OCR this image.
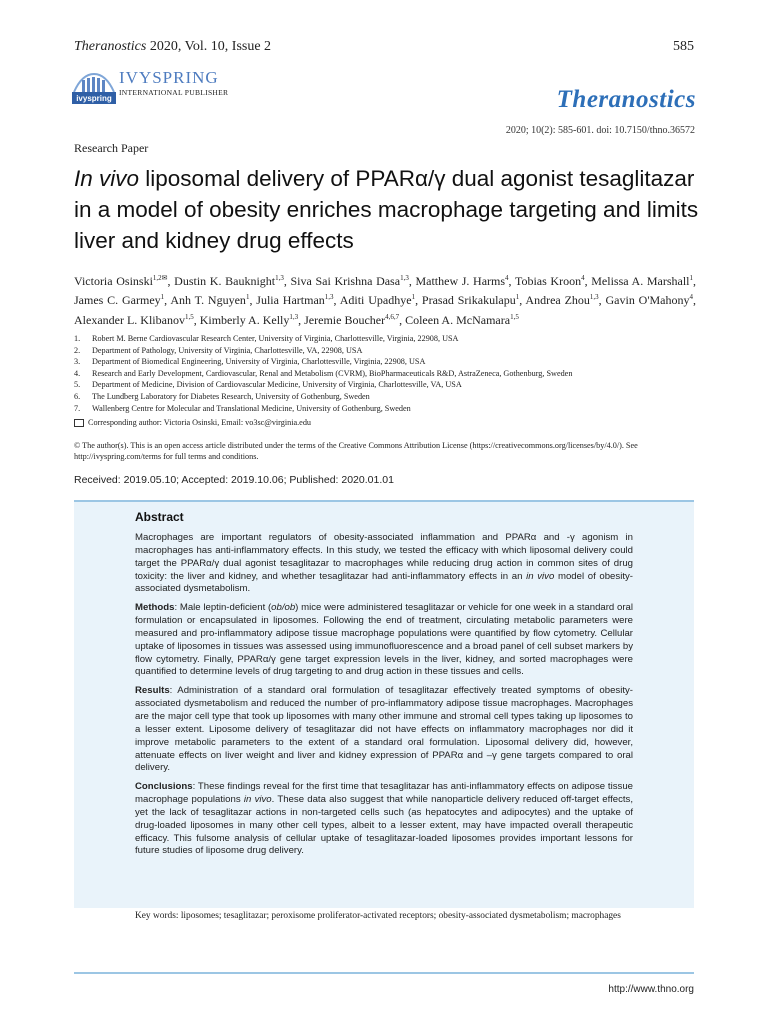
Theranostics 2020, Vol. 10, Issue 2	585
ivyspring
IVYSPRING
INTERNATIONAL PUBLISHER	Theranostics
2020; 10(2): 585-601. doi: 10.7150/thno.36572
Research Paper
In vivo liposomal delivery of PPARα/γ dual agonist tesaglitazar in a model of obesity enriches macrophage targeting and limits liver and kidney drug effects
Victoria Osinski$^{1,2✉}$, Dustin K. Bauknight$^{1,3}$, Siva Sai Krishna Dasa$^{1,3}$, Matthew J. Harms$^4$, Tobias Kroon$^4$, Melissa A. Marshall$^1$, James C. Garmey$^1$, Anh T. Nguyen$^1$, Julia Hartman$^{1,3}$, Aditi Upadhye$^1$, Prasad Srikakulapu$^1$, Andrea Zhou$^{1,3}$, Gavin O'Mahony$^4$, Alexander L. Klibanov$^{1,5}$, Kimberly A. Kelly$^{1,3}$, Jeremie Boucher$^{4,6,7}$, Coleen A. McNamara$^{1,5}$
1.	Robert M. Berne Cardiovascular Research Center, University of Virginia, Charlottesville, Virginia, 22908, USA
2.	Department of Pathology, University of Virginia, Charlottesville, VA, 22908, USA
3.	Department of Biomedical Engineering, University of Virginia, Charlottesville, Virginia, 22908, USA
4.	Research and Early Development, Cardiovascular, Renal and Metabolism (CVRM), BioPharmaceuticals R&D, AstraZeneca, Gothenburg, Sweden
5.	Department of Medicine, Division of Cardiovascular Medicine, University of Virginia, Charlottesville, VA, USA
6.	The Lundberg Laboratory for Diabetes Research, University of Gothenburg, Sweden
7.	Wallenberg Centre for Molecular and Translational Medicine, University of Gothenburg, Sweden
Corresponding author: Victoria Osinski, Email: vo3sc@virginia.edu
© The author(s). This is an open access article distributed under the terms of the Creative Commons Attribution License (https://creativecommons.org/licenses/by/4.0/). See http://ivyspring.com/terms for full terms and conditions.
Received: 2019.05.10; Accepted: 2019.10.06; Published: 2020.01.01
Abstract

Macrophages are important regulators of obesity-associated inflammation and PPARα and -γ agonism in macrophages has anti-inflammatory effects. In this study, we tested the efficacy with which liposomal delivery could target the PPARα/γ dual agonist tesaglitazar to macrophages while reducing drug action in common sites of drug toxicity: the liver and kidney, and whether tesaglitazar had anti-inflammatory effects in an in vivo model of obesity-associated dysmetabolism.

Methods: Male leptin-deficient (ob/ob) mice were administered tesaglitazar or vehicle for one week in a standard oral formulation or encapsulated in liposomes. Following the end of treatment, circulating metabolic parameters were measured and pro-inflammatory adipose tissue macrophage populations were quantified by flow cytometry. Cellular uptake of liposomes in tissues was assessed using immunofluorescence and a broad panel of cell subset markers by flow cytometry. Finally, PPARα/γ gene target expression levels in the liver, kidney, and sorted macrophages were quantified to determine levels of drug targeting to and drug action in these tissues and cells.

Results: Administration of a standard oral formulation of tesaglitazar effectively treated symptoms of obesity-associated dysmetabolism and reduced the number of pro-inflammatory adipose tissue macrophages. Macrophages are the major cell type that took up liposomes with many other immune and stromal cell types taking up liposomes to a lesser extent. Liposome delivery of tesaglitazar did not have effects on inflammatory macrophages nor did it improve metabolic parameters to the extent of a standard oral formulation. Liposomal delivery did, however, attenuate effects on liver weight and liver and kidney expression of PPARα and –γ gene targets compared to oral delivery.

Conclusions: These findings reveal for the first time that tesaglitazar has anti-inflammatory effects on adipose tissue macrophage populations in vivo. These data also suggest that while nanoparticle delivery reduced off-target effects, yet the lack of tesaglitazar actions in non-targeted cells such (as hepatocytes and adipocytes) and the uptake of drug-loaded liposomes in many other cell types, albeit to a lesser extent, may have impacted overall therapeutic efficacy. This fulsome analysis of cellular uptake of tesaglitazar-loaded liposomes provides important lessons for future studies of liposome drug delivery.

Key words: liposomes; tesaglitazar; peroxisome proliferator-activated receptors; obesity-associated dysmetabolism; macrophages
http://www.thno.org
